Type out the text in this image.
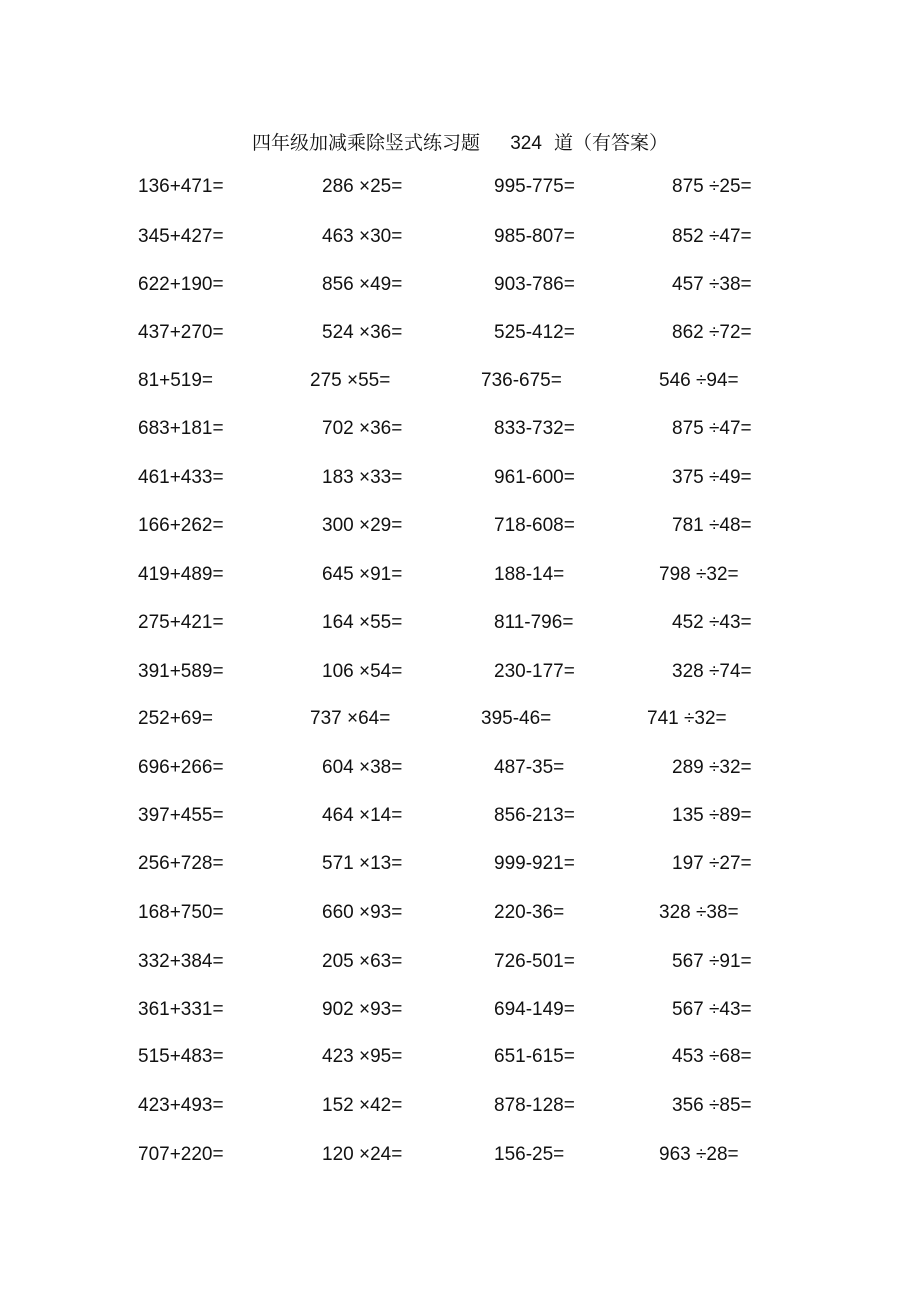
四年级加减乘除竖式练习题 324 道（有答案）
136+471=	286 ×25=	995-775=	875 ÷25=
345+427=	463 ×30=	985-807=	852 ÷47=
622+190=	856 ×49=	903-786=	457 ÷38=
437+270=	524 ×36=	525-412=	862 ÷72=
81+519=	275 ×55=	736-675=	546 ÷94=
683+181=	702 ×36=	833-732=	875 ÷47=
461+433=	183 ×33=	961-600=	375 ÷49=
166+262=	300 ×29=	718-608=	781 ÷48=
419+489=	645 ×91=	188-14=	798 ÷32=
275+421=	164 ×55=	811-796=	452 ÷43=
391+589=	106 ×54=	230-177=	328 ÷74=
252+69=	737 ×64=	395-46=	741 ÷32=
696+266=	604 ×38=	487-35=	289 ÷32=
397+455=	464 ×14=	856-213=	135 ÷89=
256+728=	571 ×13=	999-921=	197 ÷27=
168+750=	660 ×93=	220-36=	328 ÷38=
332+384=	205 ×63=	726-501=	567 ÷91=
361+331=	902 ×93=	694-149=	567 ÷43=
515+483=	423 ×95=	651-615=	453 ÷68=
423+493=	152 ×42=	878-128=	356 ÷85=
707+220=	120 ×24=	156-25=	963 ÷28=
